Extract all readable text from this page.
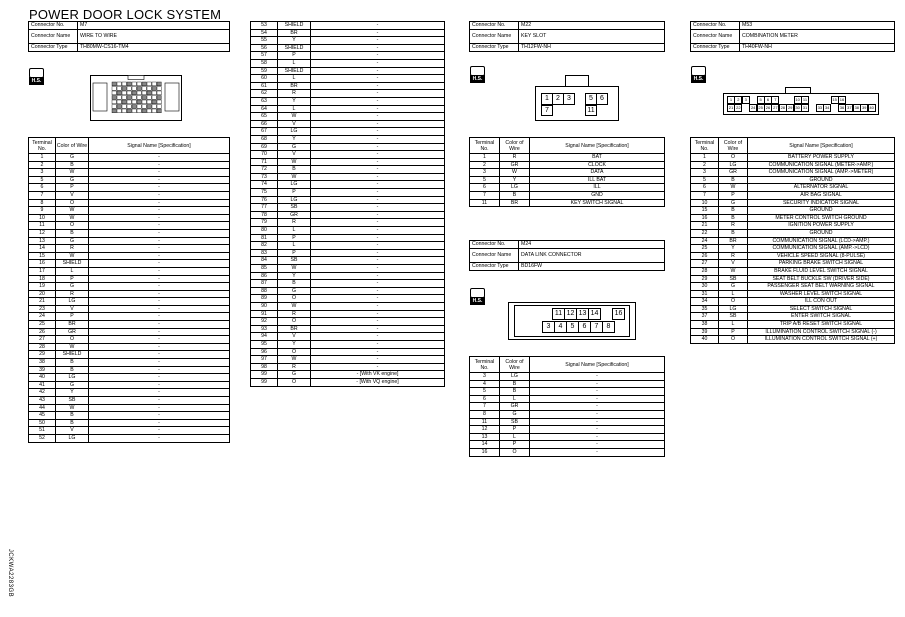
POWER DOOR LOCK SYSTEM
Connector No.	M7
Connector Name	WIRE TO WIRE
Connector Type	TH80MW-CS16-TM4
H.S.
Terminal No.	Color of Wire	Signal Name [Specification]
1	G	-
2	B	-
3	W	-
5	G	-
6	P	-
7	V	-
8	O	-
9	W	-
10	W	-
11	O	-
12	B	-
13	G	-
14	R	-
15	W	-
16	SHIELD	-
17	L	-
18	P	-
19	G	-
20	R	-
21	LG	-
23	V	-
24	P	-
25	BR	-
26	GR	-
27	O	-
28	W	-
29	SHIELD	-
38	B	-
39	B	-
40	LG	-
41	G	-
42	Y	-
43	SB	-
44	W	-
45	B	-
50	B	-
51	V	-
52	LG	-
53	SHIELD	-
54	BR	-
55	Y	-
56	SHIELD	-
57	P	-
58	L	-
59	SHIELD	-
60	L	-
61	BR	-
62	R	-
63	Y	-
64	L	-
65	W	-
66	V	-
67	LG	-
68	Y	-
69	G	-
70	V	-
71	W	-
72	B	-
73	W	-
74	LG	-
75	P	-
76	LG	-
77	SB	-
78	GR	-
79	R	-
80	L	-
81	P	-
82	L	-
83	P	-
84	SB	-
85	W	-
86	Y	-
87	B	-
88	G	-
89	O	-
90	W	-
91	R	-
92	O	-
93	BR	-
94	V	-
95	Y	-
96	O	-
97	W	-
98	R	-
99	G	- [With VK engine]
99	O	- [With VQ engine]
Connector No.	M22
Connector Name	KEY SLOT
Connector Type	TH12FW-NH
H.S.
1	2	3	5	6
7	11
Terminal No.	Color of Wire	Signal Name [Specification]
1	R	BAT
2	GR	CLOCK
3	W	DATA
5	Y	ILL BAT
6	LG	ILL
7	B	GND
11	BR	KEY SWITCH SIGNAL
Connector No.	M24
Connector Name	DATA LINK CONNECTOR
Connector Type	BD16FW
H.S.
11 12 13 14	16
3	4	5	6	7	8
Terminal No.	Color of Wire	Signal Name [Specification]
3	LG	-
4	B	-
5	B	-
6	L	-
7	GR	-
8	G	-
11	SB	-
12	P	-
13	L	-
14	P	-
16	O	-
Connector No.	M53
Connector Name	COMBINATION METER
Connector Type	TH40FW-NH
H.S.
1	2	3	5	6	7	10 11	15 16
21 22	24 25 26 27 28 29 30 31	33 34	36 37 38 39 40
Terminal No.	Color of Wire	Signal Name [Specification]
1	O	BATTERY POWER SUPPLY
2	LG	COMMUNICATION SIGNAL (METER->AMP.)
3	GR	COMMUNICATION SIGNAL (AMP.->METER)
5	B	GROUND
6	W	ALTERNATOR SIGNAL
7	P	AIR BAG SIGNAL
10	G	SECURITY INDICATOR SIGNAL
15	B	GROUND
16	B	METER CONTROL SWITCH GROUND
21	R	IGNITION POWER SUPPLY
22	B	GROUND
24	BR	COMMUNICATION SIGNAL (LCD->AMP.)
25	Y	COMMUNICATION SIGNAL (AMP.->LCD)
26	R	VEHICLE SPEED SIGNAL (8-PULSE)
27	V	PARKING BRAKE SWITCH SIGNAL
28	W	BRAKE FLUID LEVEL SWITCH SIGNAL
29	SB	SEAT BELT BUCKLE SW (DRIVER SIDE)
30	G	PASSENGER SEAT BELT WARNING SIGNAL
31	L	WASHER LEVEL SWITCH SIGNAL
34	O	ILL CON OUT
35	LG	SELECT SWITCH SIGNAL
37	SB	ENTER SWITCH SIGNAL
38	L	TRIP A/B RESET SWITCH SIGNAL
39	P	ILLUMINATION CONTROL SWITCH SIGNAL (-)
40	O	ILLUMINATION CONTROL SWITCH SIGNAL (+)
JCKWA2283GB
